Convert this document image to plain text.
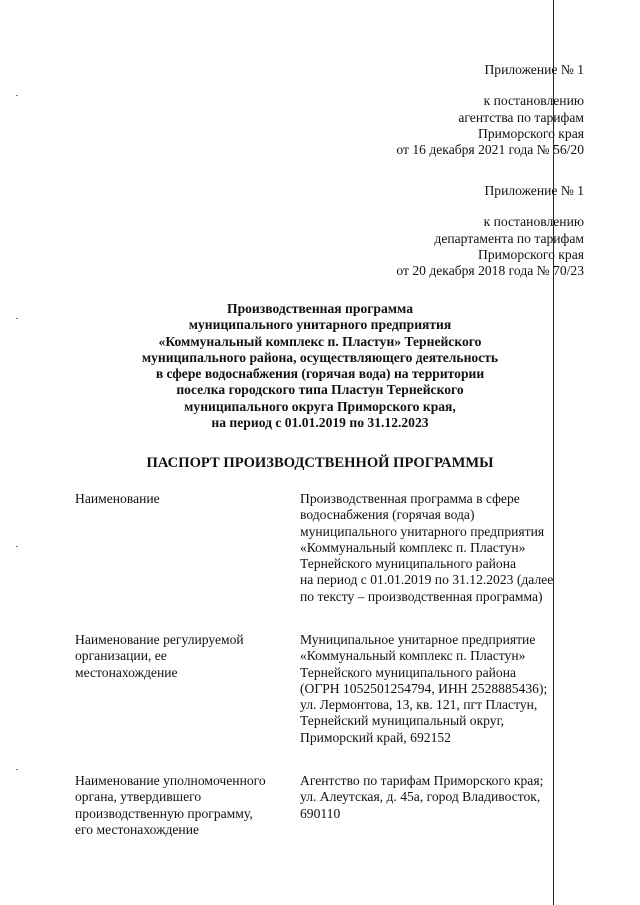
Приложение № 1
к постановлению
агентства по тарифам
Приморского края
от 16 декабря 2021 года № 56/20
Приложение № 1
к постановлению
департамента по тарифам
Приморского края
от 20 декабря 2018 года № 70/23
Производственная программа
муниципального унитарного предприятия
«Коммунальный комплекс п. Пластун» Тернейского
муниципального района, осуществляющего деятельность
в сфере водоснабжения (горячая вода) на территории
поселка городского типа Пластун Тернейского
муниципального округа Приморского края,
на период с 01.01.2019 по 31.12.2023
ПАСПОРТ ПРОИЗВОДСТВЕННОЙ ПРОГРАММЫ
Наименование	Производственная программа в сфере
водоснабжения (горячая вода)
муниципального унитарного предприятия
«Коммунальный комплекс п. Пластун»
Тернейского муниципального района
на период с 01.01.2019 по 31.12.2023 (далее
по тексту – производственная программа)
Наименование регулируемой
организации, ее
местонахождение
Муниципальное унитарное предприятие
«Коммунальный комплекс п. Пластун»
Тернейского муниципального района
(ОГРН 1052501254794, ИНН 2528885436);
ул. Лермонтова, 13, кв. 121, пгт Пластун,
Тернейский муниципальный округ,
Приморский край, 692152
Наименование уполномоченного
органа, утвердившего
производственную программу,
его местонахождение
Агентство по тарифам Приморского края;
ул. Алеутская, д. 45а, город Владивосток,
690110
